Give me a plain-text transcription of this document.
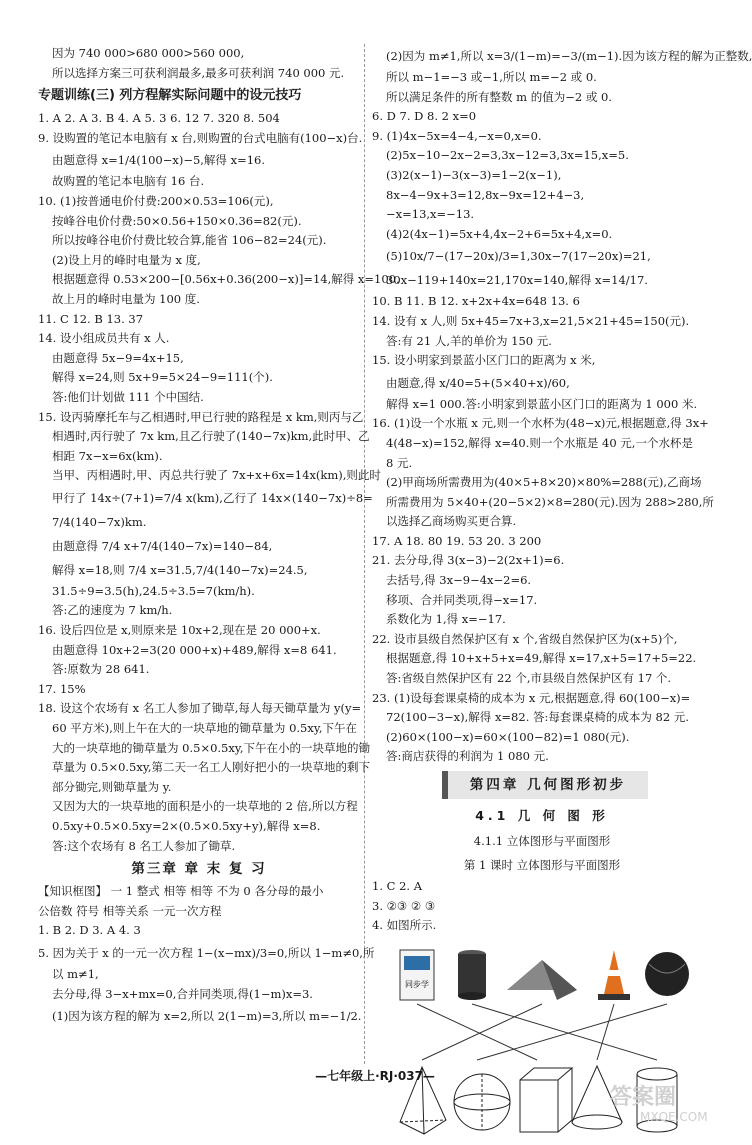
因为 740 000>680 000>560 000,
所以选择方案三可获利润最多,最多可获利润 740 000 元.
专题训练(三) 列方程解实际问题中的设元技巧
1. A 2. A 3. B 4. A 5. 3 6. 12 7. 320 8. 504
9. 设购置的笔记本电脑有 x 台,则购置的台式电脑有(100−x)台.
由题意得 x=1/4(100−x)−5,解得 x=16.
故购置的笔记本电脑有 16 台.
10. (1)按普通电价付费:200×0.53=106(元),
按峰谷电价付费:50×0.56+150×0.36=82(元).
所以按峰谷电价付费比较合算,能省 106−82=24(元).
(2)设上月的峰时电量为 x 度,
根据题意得 0.53×200−[0.56x+0.36(200−x)]=14,解得 x=100.
故上月的峰时电量为 100 度.
11. C 12. B 13. 37
14. 设小组成员共有 x 人.
由题意得 5x−9=4x+15,
解得 x=24,则 5x+9=5×24−9=111(个).
答:他们计划做 111 个中国结.
15. 设丙骑摩托车与乙相遇时,甲已行驶的路程是 x km,则丙与乙
相遇时,丙行驶了 7x km,且乙行驶了(140−7x)km,此时甲、乙
相距 7x−x=6x(km).
当甲、丙相遇时,甲、丙总共行驶了 7x+x+6x=14x(km),则此时
甲行了 14x÷(7+1)=7/4 x(km),乙行了 14x×(140−7x)÷8=
7/4(140−7x)km.
由题意得 7/4 x+7/4(140−7x)=140−84,
解得 x=18,则 7/4 x=31.5,7/4(140−7x)=24.5,
31.5÷9=3.5(h),24.5÷3.5=7(km/h).
答:乙的速度为 7 km/h.
16. 设后四位是 x,则原来是 10x+2,现在是 20 000+x.
由题意得 10x+2=3(20 000+x)+489,解得 x=8 641.
答:原数为 28 641.
17. 15%
18. 设这个农场有 x 名工人参加了锄草,每人每天锄草量为 y(y=
60 平方米),则上午在大的一块草地的锄草量为 0.5xy,下午在
大的一块草地的锄草量为 0.5×0.5xy,下午在小的一块草地的锄
草量为 0.5×0.5xy,第二天一名工人刚好把小的一块草地的剩下
部分锄完,则锄草量为 y.
又因为大的一块草地的面积是小的一块草地的 2 倍,所以方程
0.5xy+0.5×0.5xy=2×(0.5×0.5xy+y),解得 x=8.
答:这个农场有 8 名工人参加了锄草.
第三章 章 末 复 习
【知识框图】 一 1 整式 相等 相等 不为 0 各分母的最小
公倍数 符号 相等关系 一元一次方程
1. B 2. D 3. A 4. 3
5. 因为关于 x 的一元一次方程 1−(x−mx)/3=0,所以 1−m≠0,所
以 m≠1,
去分母,得 3−x+mx=0,合并同类项,得(1−m)x=3.
(1)因为该方程的解为 x=2,所以 2(1−m)=3,所以 m=−1/2.
(2)因为 m≠1,所以 x=3/(1−m)=−3/(m−1).因为该方程的解为正整数,
所以 m−1=−3 或−1,所以 m=−2 或 0.
所以满足条件的所有整数 m 的值为−2 或 0.
6. D 7. D 8. 2 x=0
9. (1)4x−5x=4−4,−x=0,x=0.
(2)5x−10−2x−2=3,3x−12=3,3x=15,x=5.
(3)2(x−1)−3(x−3)=1−2(x−1),
8x−4−9x+3=12,8x−9x=12+4−3,
−x=13,x=−13.
(4)2(4x−1)=5x+4,4x−2+6=5x+4,x=0.
(5)10x/7−(17−20x)/3=1,30x−7(17−20x)=21,
30x−119+140x=21,170x=140,解得 x=14/17.
10. B 11. B 12. x+2x+4x=648 13. 6
14. 设有 x 人,则 5x+45=7x+3,x=21,5×21+45=150(元).
答:有 21 人,羊的单价为 150 元.
15. 设小明家到景蓝小区门口的距离为 x 米,
由题意,得 x/40=5+(5×40+x)/60,
解得 x=1 000.答:小明家到景蓝小区门口的距离为 1 000 米.
16. (1)设一个水瓶 x 元,则一个水杯为(48−x)元,根据题意,得 3x+
4(48−x)=152,解得 x=40.则一个水瓶是 40 元,一个水杯是
8 元.
(2)甲商场所需费用为(40×5+8×20)×80%=288(元),乙商场
所需费用为 5×40+(20−5×2)×8=280(元).因为 288>280,所
以选择乙商场购买更合算.
17. A 18. 80 19. 53 20. 3 200
21. 去分母,得 3(x−3)−2(2x+1)=6.
去括号,得 3x−9−4x−2=6.
移项、合并同类项,得−x=17.
系数化为 1,得 x=−17.
22. 设市县级自然保护区有 x 个,省级自然保护区为(x+5)个,
根据题意,得 10+x+5+x=49,解得 x=17,x+5=17+5=22.
答:省级自然保护区有 22 个,市县级自然保护区有 17 个.
23. (1)设每套课桌椅的成本为 x 元,根据题意,得 60(100−x)=
72(100−3−x),解得 x=82. 答:每套课桌椅的成本为 82 元.
(2)60×(100−x)=60×(100−82)=1 080(元).
答:商店获得的利润为 1 080 元.
第四章 几何图形初步
4.1 几 何 图 形
4.1.1 立体图形与平面图形
第 1 课时 立体图形与平面图形
1. C 2. A
3. ②③ ② ③
4. 如图所示.
同步学
—七年级上·RJ·037—
答案圈
MXQE.COM
